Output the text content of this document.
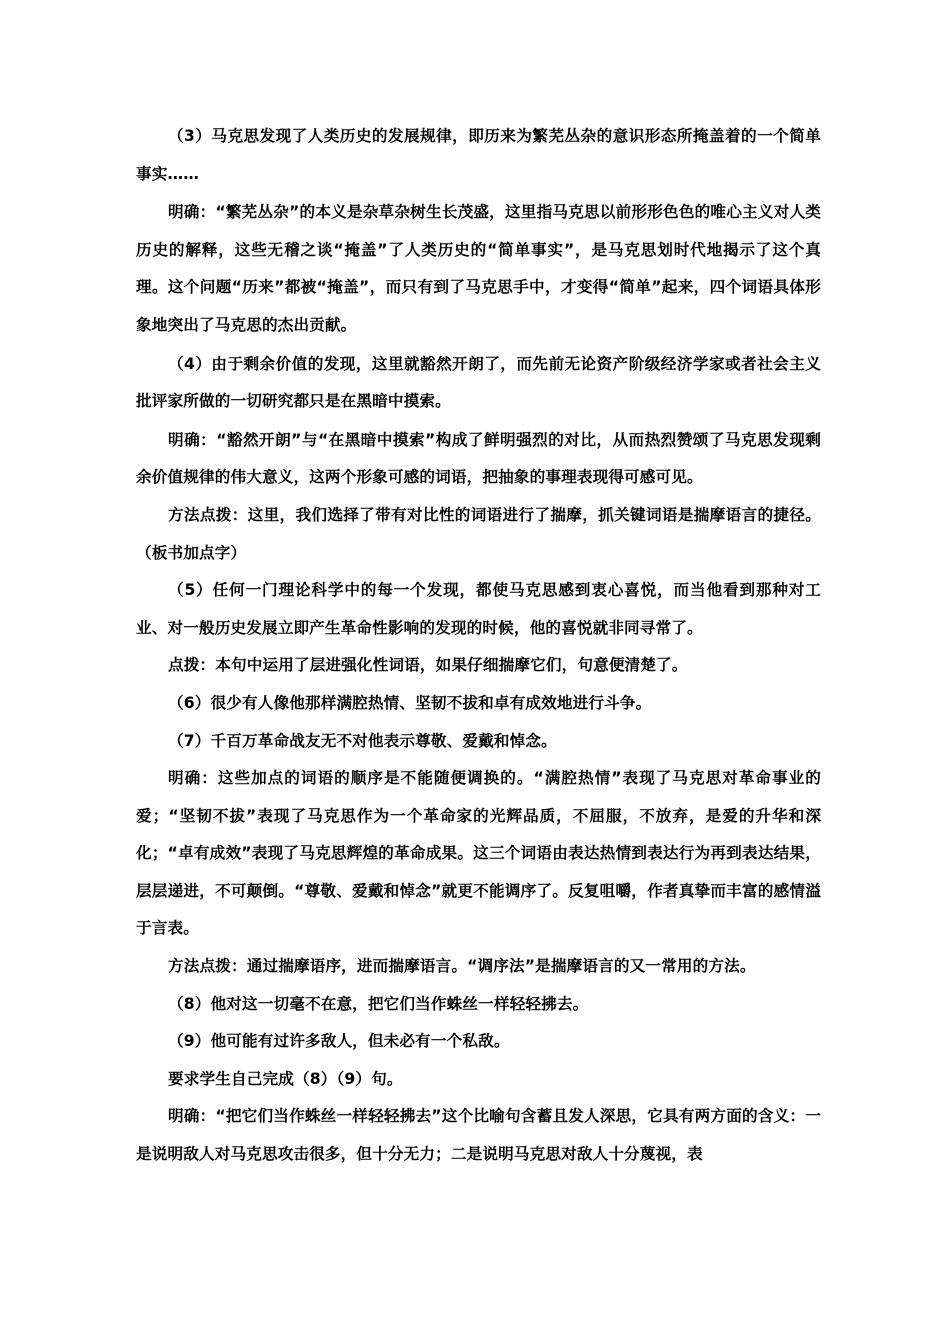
（3）马克思发现了人类历史的发展规律，即历来为繁芜丛杂的意识形态所掩盖着的一个简单事实……

明确：“繁芜丛杂”的本义是杂草杂树生长茂盛，这里指马克思以前形形色色的唯心主义对人类历史的解释，这些无稽之谈“掩盖”了人类历史的“简单事实”，是马克思划时代地揭示了这个真理。这个问题“历来”都被“掩盖”，而只有到了马克思手中，才变得“简单”起来，四个词语具体形象地突出了马克思的杰出贡献。

（4）由于剩余价值的发现，这里就豁然开朗了，而先前无论资产阶级经济学家或者社会主义批评家所做的一切研究都只是在黑暗中摸索。

明确：“豁然开朗”与“在黑暗中摸索”构成了鲜明强烈的对比，从而热烈赞颂了马克思发现剩余价值规律的伟大意义，这两个形象可感的词语，把抽象的事理表现得可感可见。

方法点拨：这里，我们选择了带有对比性的词语进行了揣摩，抓关键词语是揣摩语言的捷径。（板书加点字）

（5）任何一门理论科学中的每一个发现，都使马克思感到衷心喜悦，而当他看到那种对工业、对一般历史发展立即产生革命性影响的发现的时候，他的喜悦就非同寻常了。

点拨：本句中运用了层进强化性词语，如果仔细揣摩它们，句意便清楚了。

（6）很少有人像他那样满腔热情、坚韧不拔和卓有成效地进行斗争。

（7）千百万革命战友无不对他表示尊敬、爱戴和悼念。

明确：这些加点的词语的顺序是不能随便调换的。“满腔热情”表现了马克思对革命事业的爱；“坚韧不拔”表现了马克思作为一个革命家的光辉品质，不屈服，不放弃，是爱的升华和深化；“卓有成效”表现了马克思辉煌的革命成果。这三个词语由表达热情到表达行为再到表达结果，层层递进，不可颠倒。“尊敬、爱戴和悼念”就更不能调序了。反复咀嚼，作者真挚而丰富的感情溢于言表。

方法点拨：通过揣摩语序，进而揣摩语言。“调序法”是揣摩语言的又一常用的方法。

（8）他对这一切毫不在意，把它们当作蛛丝一样轻轻拂去。

（9）他可能有过许多敌人，但未必有一个私敌。

要求学生自己完成（8）（9）句。

明确：“把它们当作蛛丝一样轻轻拂去”这个比喻句含蓄且发人深思，它具有两方面的含义：一是说明敌人对马克思攻击很多，但十分无力；二是说明马克思对敌人十分蔑视，表
